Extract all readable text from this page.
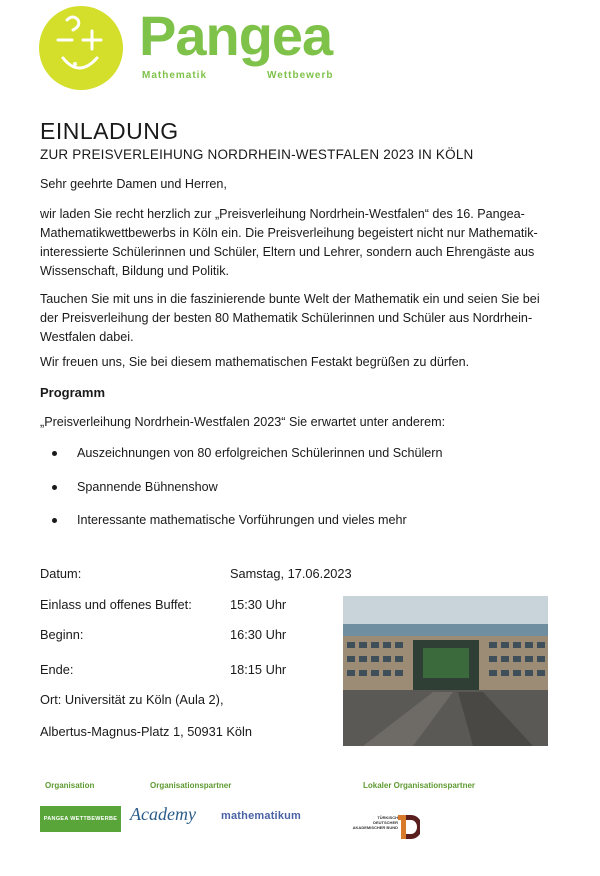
Pangea
Mathematik	Wettbewerb
EINLADUNG
ZUR PREISVERLEIHUNG NORDRHEIN-WESTFALEN 2023 IN KÖLN

Sehr geehrte Damen und Herren,

wir laden Sie recht herzlich zur „Preisverleihung Nordrhein-Westfalen“ des 16. Pangea-Mathematikwettbewerbs in Köln ein. Die Preisverleihung begeistert nicht nur Mathematik-interessierte Schülerinnen und Schüler, Eltern und Lehrer, sondern auch Ehrengäste aus Wissenschaft, Bildung und Politik.

Tauchen Sie mit uns in die faszinierende bunte Welt der Mathematik ein und seien Sie bei der Preisverleihung der besten 80 Mathematik Schülerinnen und Schüler aus Nordrhein-Westfalen dabei.

Wir freuen uns, Sie bei diesem mathematischen Festakt begrüßen zu dürfen.

Programm

„Preisverleihung Nordrhein-Westfalen 2023“ Sie erwartet unter anderem:

Auszeichnungen von 80 erfolgreichen Schülerinnen und Schülern
Spannende Bühnenshow
Interessante mathematische Vorführungen und vieles mehr
Datum:	Samstag, 17.06.2023
Einlass und offenes Buffet:	15:30 Uhr
Beginn:	16:30 Uhr
Ende:	18:15 Uhr
Ort: Universität zu Köln (Aula 2),
Albertus-Magnus-Platz 1, 50931 Köln
Organisation	Organisationspartner	Lokaler Organisationspartner
PANGEA WETTBEWERBE e.V.
Academy mathematikum	TÜRKISCH DEUTSCHER AKADEMISCHER BUND
